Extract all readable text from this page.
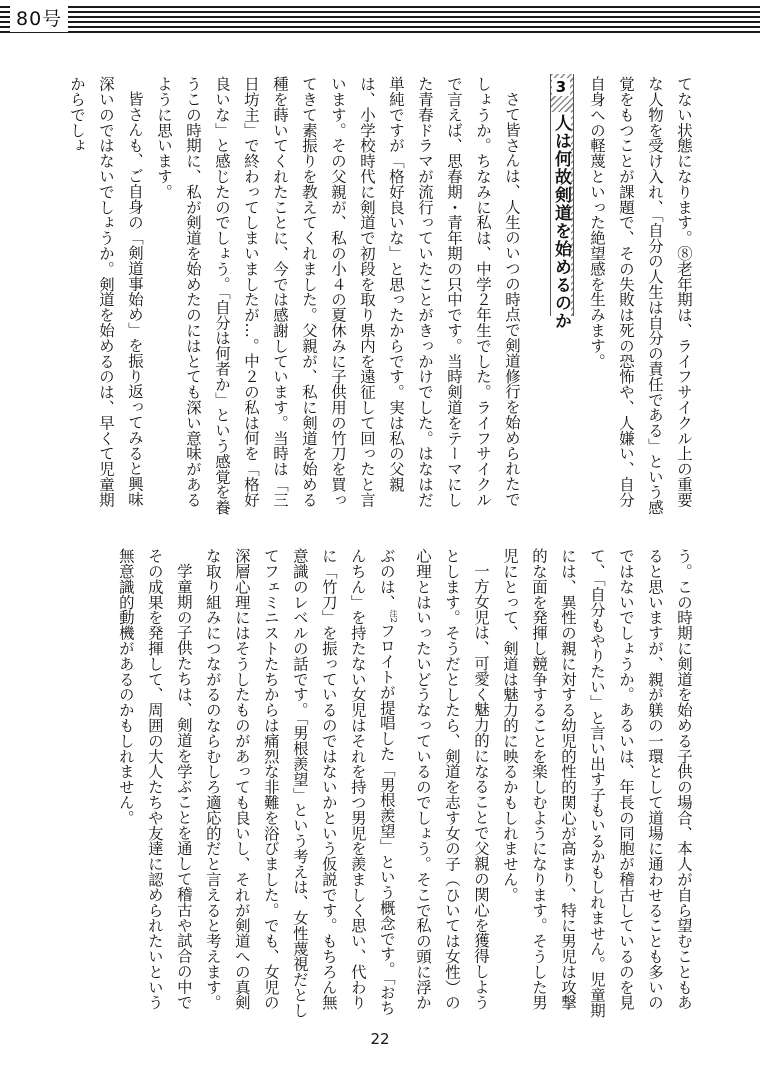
80号

てない状態になります。⑧老年期は、ライフサイクル上の重要な人物を受け入れ、「自分の人生は自分の責任である」という感覚をもつことが課題で、その失敗は死の恐怖や、人嫌い、自分自身への軽蔑といった絶望感を生みます。

さて皆さんは、人生のいつの時点で剣道修行を始められたでしょうか。ちなみに私は、中学２年生でした。ライフサイクルで言えば、思春期・青年期の只中です。当時剣道をテーマにした青春ドラマが流行っていたことがきっかけでした。はなはだ単純ですが「格好良いな」と思ったからです。実は私の父親は、小学校時代に剣道で初段を取り県内を遠征して回ったと言います。その父親が、私の小４の夏休みに子供用の竹刀を買ってきて素振りを教えてくれました。父親が、私に剣道を始める種を蒔いてくれたことに、今では感謝しています。当時は「三日坊主」で終わってしまいましたが…。中２の私は何を「格好良いな」と感じたのでしょう。「自分は何者か」という感覚を養うこの時期に、私が剣道を始めたのにはとても深い意味があるように思います。

皆さんも、ご自身の「剣道事始め」を振り返ってみると興味深いのではないでしょうか。剣道を始めるのは、早くて児童期からでしょ	3
人は何故剣道を始めるのか

う。この時期に剣道を始める子供の場合、本人が自ら望むこともあると思いますが、親が躾の一環として道場に通わせることも多いのではないでしょうか。あるいは、年長の同胞が稽古しているのを見て、「自分もやりたい」と言い出す子もいるかもしれません。児童期には、異性の親に対する幼児的性的関心が高まり、特に男児は攻撃的な面を発揮し競争することを楽しむようになります。そうした男児にとって、剣道は魅力的に映るかもしれません。

一方女児は、可愛く魅力的になることで父親の関心を獲得しようとします。そうだとしたら、剣道を志す女の子（ひいては女性）の心理とはいったいどうなっているのでしょう。そこで私の頭に浮かぶのは、$^{注2}$フロイトが提唱した「男根羨望」という概念です。「おちんちん」を持たない女児はそれを持つ男児を羨ましく思い、代わりに「竹刀」を振っているのではないかという仮説です。もちろん無意識のレベルの話です。「男根羨望」という考えは、女性蔑視だとしてフェミニストたちからは痛烈な非難を浴びました。でも、女児の深層心理にはそうしたものがあっても良いし、それが剣道への真剣な取り組みにつながるのならむしろ適応的だと言えると考えます。

学童期の子供たちは、剣道を学ぶことを通して稽古や試合の中でその成果を発揮して、周囲の大人たちや友達に認められたいという無意識的動機があるのかもしれません。

22
